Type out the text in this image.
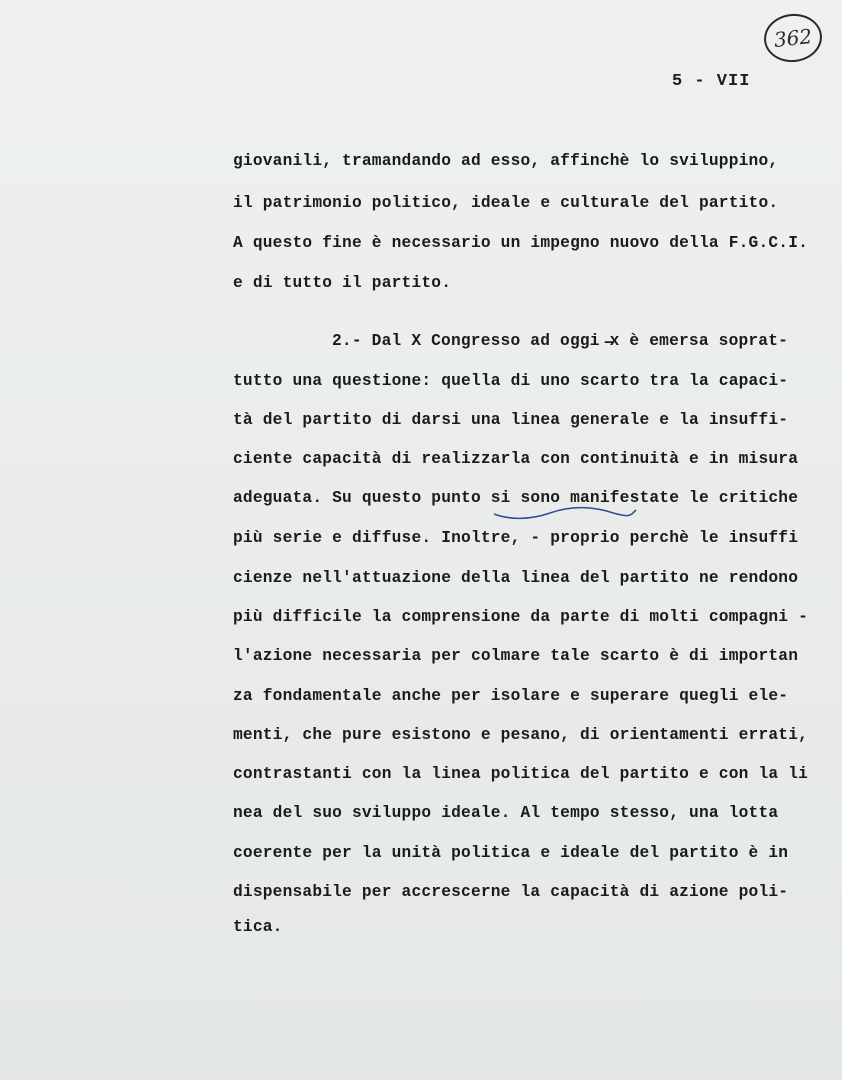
362
5 - VII
giovanili, tramandando ad esso, affinchè lo sviluppino,
il patrimonio politico, ideale e culturale del partito.
A questo fine è necessario un impegno nuovo della F.G.C.I.
e di tutto il partito.
2.- Dal X Congresso ad oggi ̶x è emersa soprat-
tutto una questione: quella di uno scarto tra la capaci-
tà del partito di darsi una linea generale e la insuffi-
ciente capacità di realizzarla con continuità e in misura
adeguata. Su questo punto si sono manifestate le critiche
più serie e diffuse. Inoltre, - proprio perchè le insuffi
cienze nell'attuazione della linea del partito ne rendono
più difficile la comprensione da parte di molti compagni -
l'azione necessaria per colmare tale scarto è di importan
za fondamentale anche per isolare e superare quegli ele-
menti, che pure esistono e pesano, di orientamenti errati,
contrastanti con la linea politica del partito e con la li
nea del suo sviluppo ideale. Al tempo stesso, una lotta
coerente per la unità politica e ideale del partito è in
dispensabile per accrescerne la capacità di azione poli-
tica.
